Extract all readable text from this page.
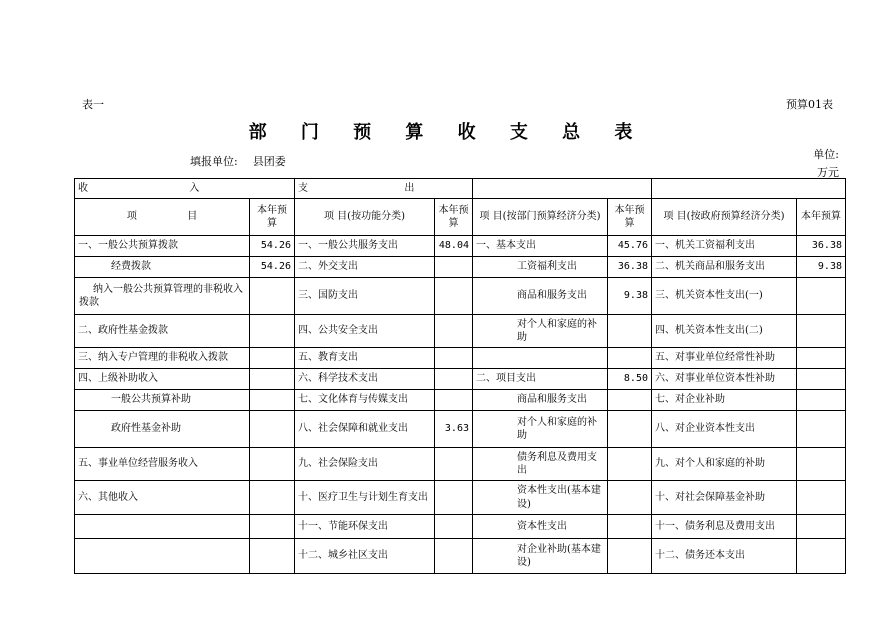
表一	预算01表
部 门 预 算 收 支 总 表
填报单位: 县团委
单位:
万元
收 入		支 出					
项 目	本年预算	项 目(按功能分类)	本年预算	项 目(按部门预算经济分类)	本年预算	项 目(按政府预算经济分类)	本年预算
一、一般公共预算拨款	54.26	一、一般公共服务支出	48.04	一、基本支出	45.76	一、机关工资福利支出	36.38
经费拨款	54.26	二、外交支出		工资福利支出	36.38	二、机关商品和服务支出	9.38
纳入一般公共预算管理的非税收入拨款		三、国防支出		商品和服务支出	9.38	三、机关资本性支出(一)	
二、政府性基金拨款		四、公共安全支出		对个人和家庭的补助		四、机关资本性支出(二)	
三、纳入专户管理的非税收入拨款		五、教育支出				五、对事业单位经常性补助	
四、上级补助收入		六、科学技术支出		二、项目支出	8.50	六、对事业单位资本性补助	
一般公共预算补助		七、文化体育与传媒支出		商品和服务支出		七、对企业补助	
政府性基金补助		八、社会保障和就业支出	3.63	对个人和家庭的补助		八、对企业资本性支出	
五、事业单位经营服务收入		九、社会保险支出		债务利息及费用支出		九、对个人和家庭的补助	
六、其他收入		十、医疗卫生与计划生育支出		资本性支出(基本建设)		十、对社会保障基金补助	
		十一、节能环保支出		资本性支出		十一、债务利息及费用支出	
		十二、城乡社区支出		对企业补助(基本建设)		十二、债务还本支出	
